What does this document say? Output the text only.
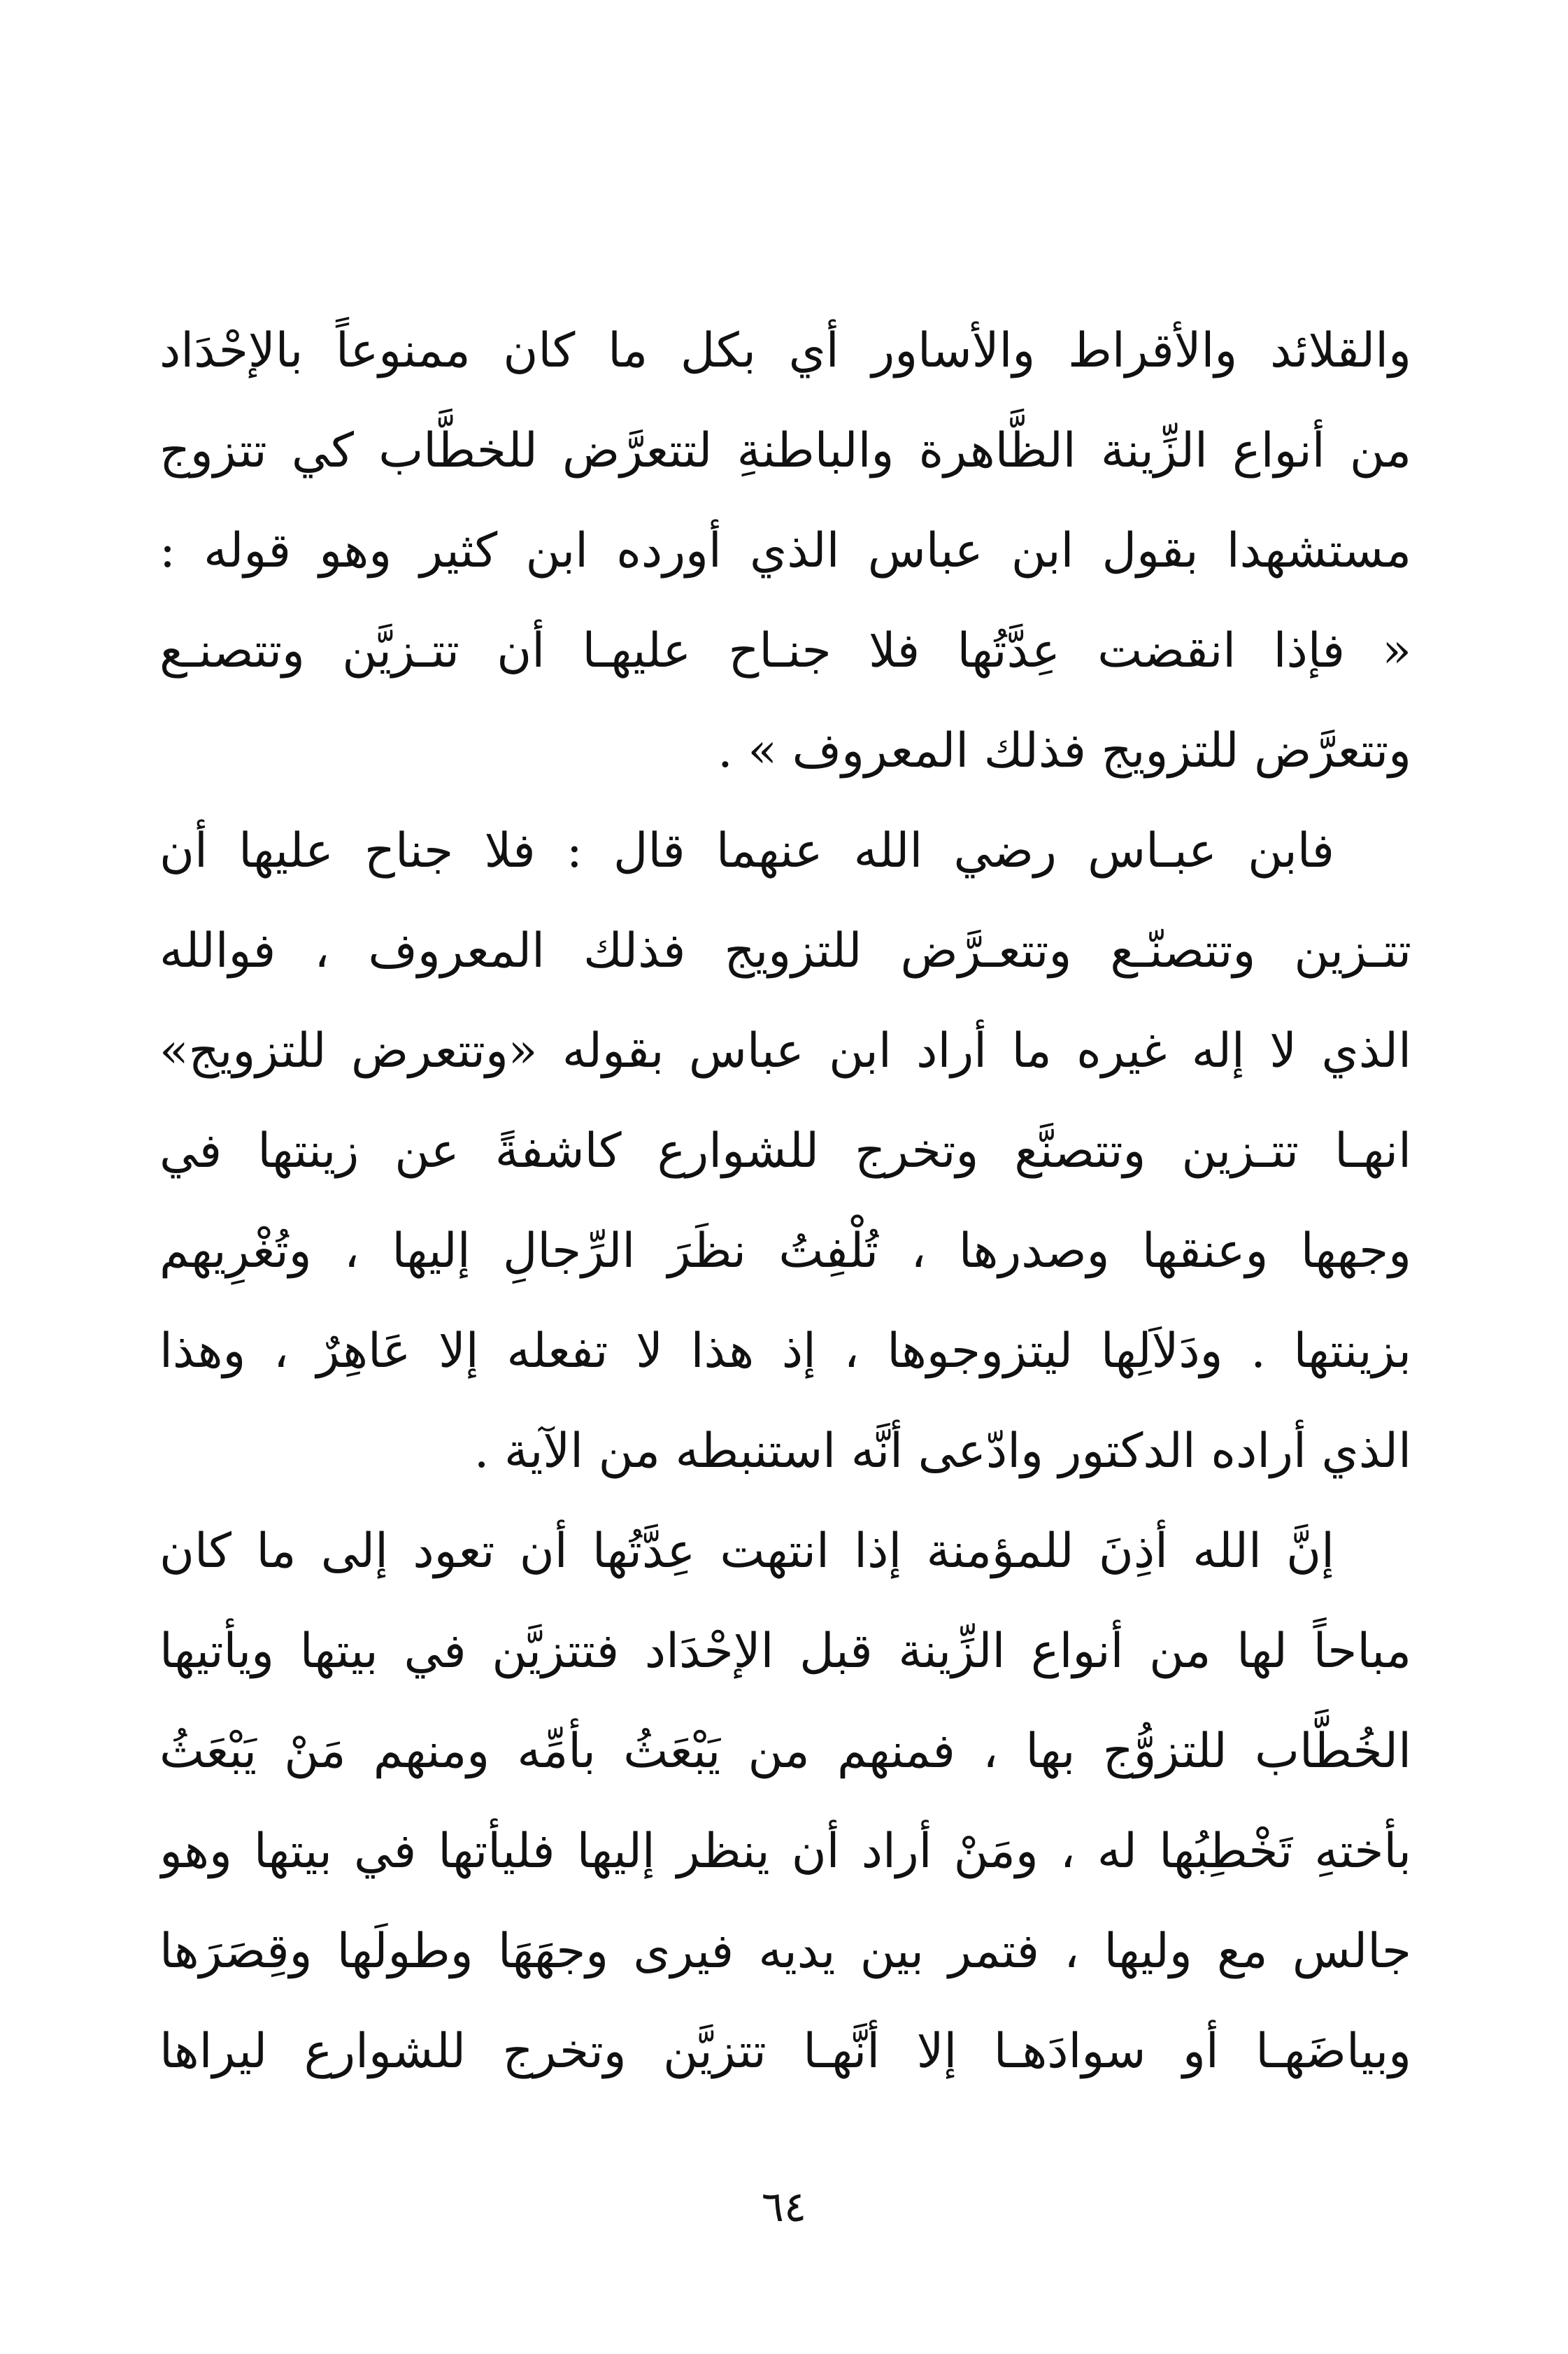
والقلائد والأقراط والأساور أي بكل ما كان ممنوعاً بالإحْدَاد
من أنواع الزِّينة الظَّاهرة والباطنةِ لتتعرَّض للخطَّاب كي تتزوج
مستشهدا بقول ابن عباس الذي أورده ابن كثير وهو قوله :
« فإذا انقضت عِدَّتُها فلا جنـاح عليهـا أن تتـزيَّن وتتصنـع
وتتعرَّض للتزويج فذلك المعروف » .
فابن عبـاس رضي الله عنهما قال : فلا جناح عليها أن
تتـزين وتتصنّـع وتتعـرَّض للتزويج فذلك المعروف ، فوالله
الذي لا إله غيره ما أراد ابن عباس بقوله «وتتعرض للتزويج»
انهـا تتـزين وتتصنَّع وتخرج للشوارع كاشفةً عن زينتها في
وجهها وعنقها وصدرها ، تُلْفِتُ نظَرَ الرِّجالِ إليها ، وتُغْرِيهم
بزينتها . ودَلاَلِها ليتزوجوها ، إذ هذا لا تفعله إلا عَاهِرٌ ، وهذا
الذي أراده الدكتور وادّعى أنَّه استنبطه من الآية .
إنَّ الله أذِنَ للمؤمنة إذا انتهت عِدَّتُها أن تعود إلى ما كان
مباحاً لها من أنواع الزِّينة قبل الإحْدَاد فتتزيَّن في بيتها ويأتيها
الخُطَّاب للتزوُّج بها ، فمنهم من يَبْعَثُ بأمِّه ومنهم مَنْ يَبْعَثُ
بأختهِ تَخْطِبُها له ، ومَنْ أراد أن ينظر إليها فليأتها في بيتها وهو
جالس مع وليها ، فتمر بين يديه فيرى وجهَهَا وطولَها وقِصَرَها
وبياضَهـا أو سوادَهـا إلا أنَّهـا تتزيَّن وتخرج للشوارع ليراها
٦٤
